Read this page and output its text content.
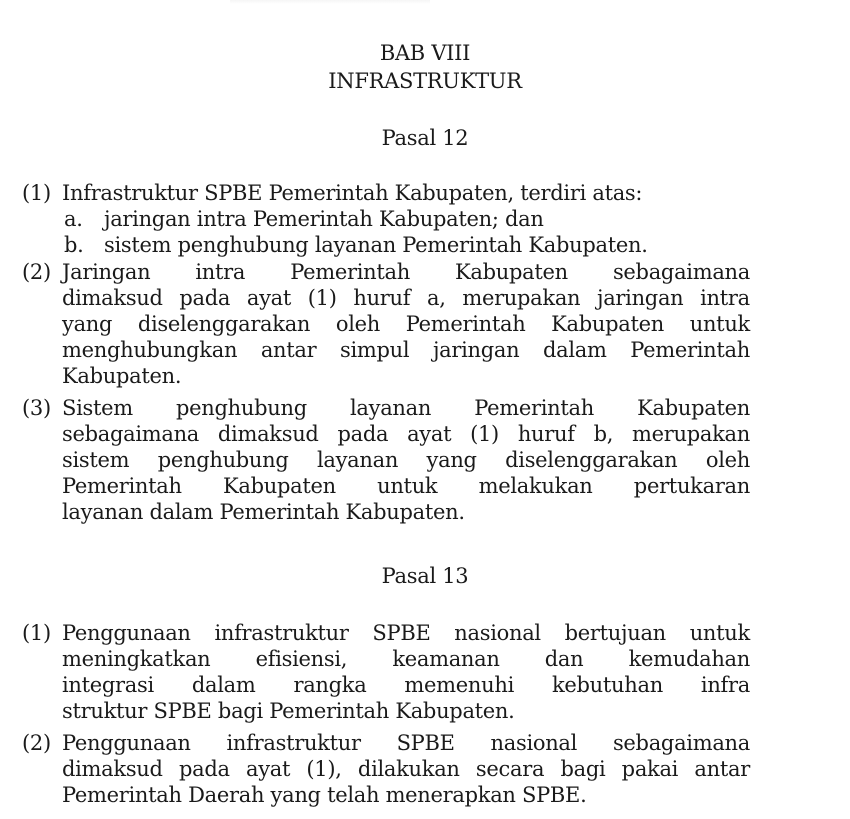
BAB VIII
INFRASTRUKTUR
Pasal 12
(1) Infrastruktur SPBE Pemerintah Kabupaten, terdiri atas:
a. jaringan intra Pemerintah Kabupaten; dan
b. sistem penghubung layanan Pemerintah Kabupaten.
(2) Jaringan intra Pemerintah Kabupaten sebagaimana
dimaksud pada ayat (1) huruf a, merupakan jaringan intra
yang diselenggarakan oleh Pemerintah Kabupaten untuk
menghubungkan antar simpul jaringan dalam Pemerintah
Kabupaten.
(3) Sistem penghubung layanan Pemerintah Kabupaten
sebagaimana dimaksud pada ayat (1) huruf b, merupakan
sistem penghubung layanan yang diselenggarakan oleh
Pemerintah Kabupaten untuk melakukan pertukaran
layanan dalam Pemerintah Kabupaten.
Pasal 13
(1) Penggunaan infrastruktur SPBE nasional bertujuan untuk
meningkatkan efisiensi, keamanan dan kemudahan
integrasi dalam rangka memenuhi kebutuhan infra
struktur SPBE bagi Pemerintah Kabupaten.
(2) Penggunaan infrastruktur SPBE nasional sebagaimana
dimaksud pada ayat (1), dilakukan secara bagi pakai antar
Pemerintah Daerah yang telah menerapkan SPBE.
